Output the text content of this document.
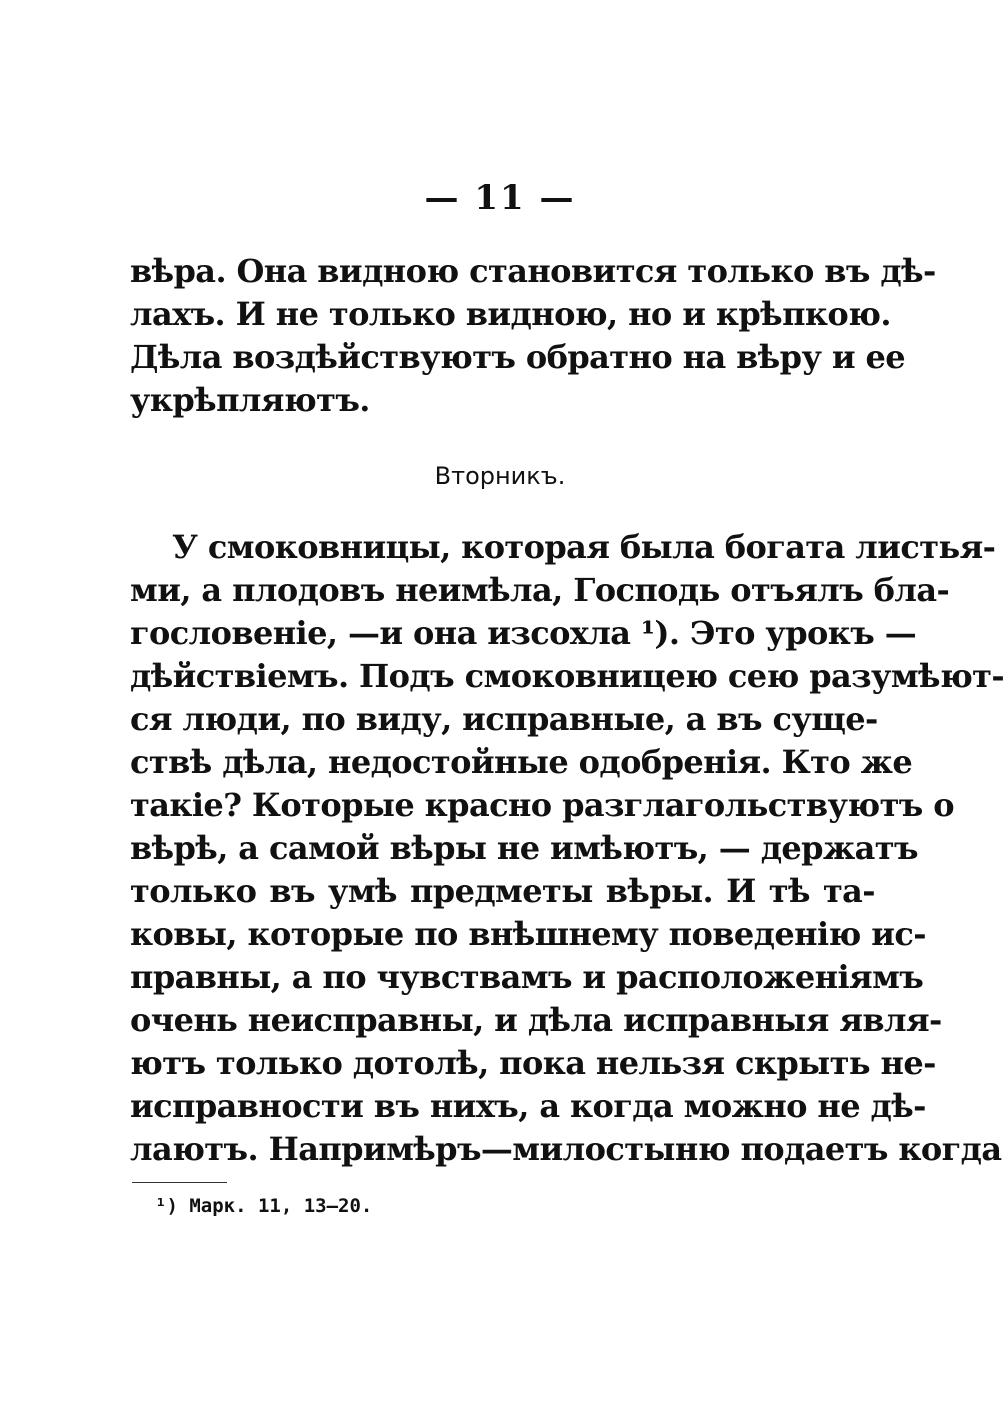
— 11 —
вѣра. Она видною становится только въ дѣ-
лахъ. И не только видною, но и крѣпкою.
Дѣла воздѣйствуютъ обратно на вѣру и ее
укрѣпляютъ.
Вторникъ.
У смоковницы, которая была богата листья-
ми, а плодовъ неимѣла, Господь отъялъ бла-
гословеніе, —и она изсохла ¹). Это урокъ —
дѣйствіемъ. Подъ смоковницею сею разумѣют-
ся люди, по виду, исправные, а въ суще-
ствѣ дѣла, недостойные одобренія. Кто же
такіе? Которые красно разглагольствуютъ о
вѣрѣ, а самой вѣры не имѣютъ, — держатъ
только въ умѣ предметы вѣры. И тѣ та-
ковы, которые по внѣшнему поведенію ис-
правны, а по чувствамъ и расположеніямъ
очень неисправны, и дѣла исправныя явля-
ютъ только дотолѣ, пока нельзя скрыть не-
исправности въ нихъ, а когда можно не дѣ-
лаютъ. Напримѣръ—милостыню подаетъ когда
¹) Марк. 11, 13—20.
